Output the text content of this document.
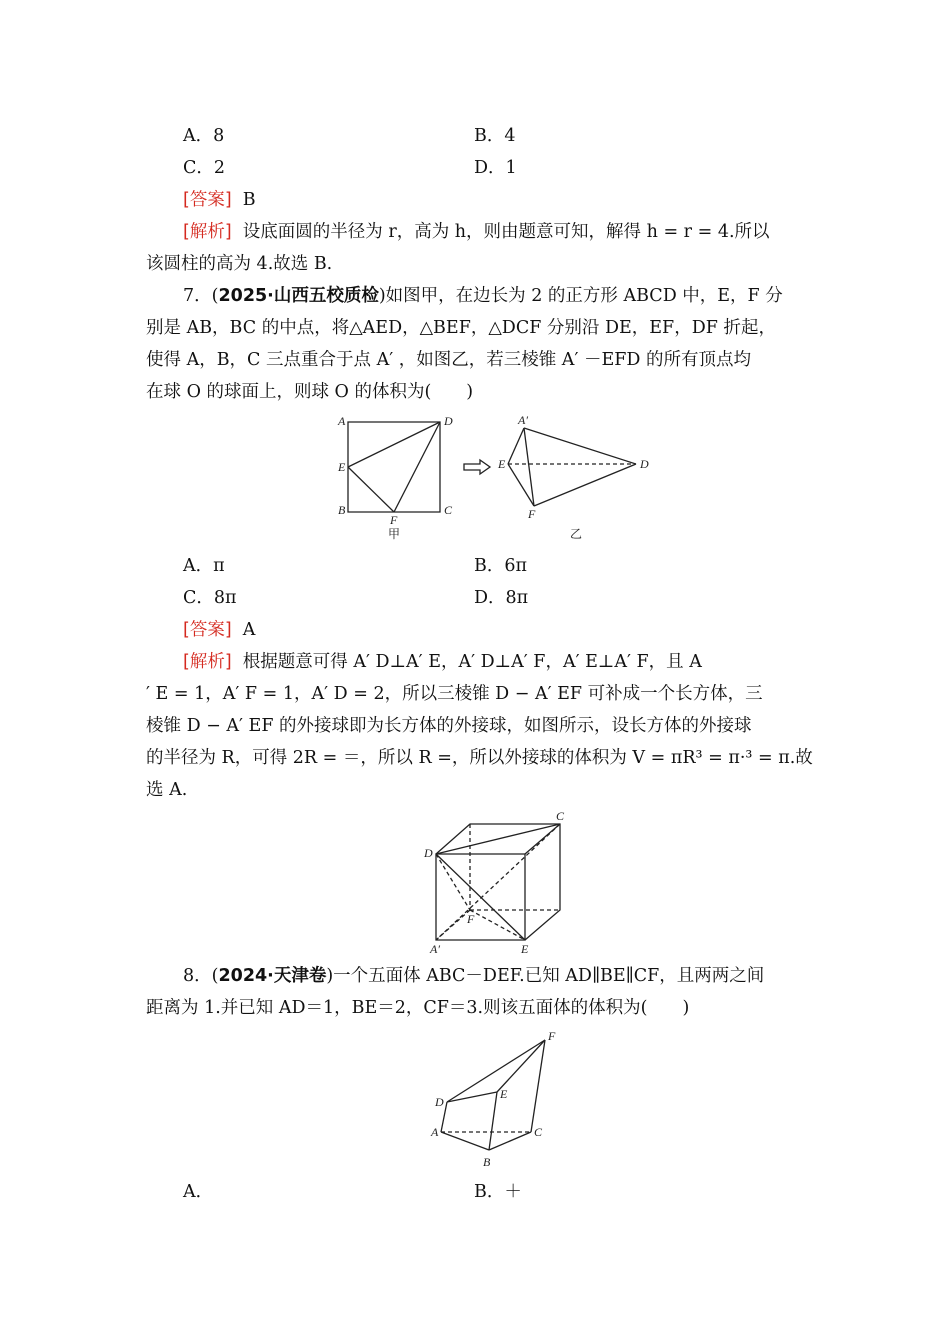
A．8	B．4
C．2	D．1
[答案] B
[解析] 设底面圆的半径为 r，高为 h，则由题意可知，解得 h = r = 4.所以
该圆柱的高为 4.故选 B.
7．(2025·山西五校质检)如图甲，在边长为 2 的正方形 ABCD 中，E，F 分
别是 AB，BC 的中点，将△AED，△BEF，△DCF 分别沿 DE，EF，DF 折起，
使得 A，B，C 三点重合于点 A′ ，如图乙，若三棱锥 A′ －EFD 的所有顶点均
在球 O 的球面上，则球 O 的体积为(　　)
A	D
E
B
F
C
甲
A′
E	D
F
乙
A．π	B．6π
C．8π	D．8π
[答案] A
[解析] 根据题意可得 A′ D⊥A′ E，A′ D⊥A′ F，A′ E⊥A′ F，且 A
′ E = 1，A′ F = 1，A′ D = 2，所以三棱锥 D − A′ EF 可补成一个长方体，三
棱锥 D − A′ EF 的外接球即为长方体的外接球，如图所示，设长方体的外接球
的半径为 R，可得 2R = ＝，所以 R =，所以外接球的体积为 V = πR³ = π·³ = π.故
选 A.
C
D
F
A′	E
8．(2024·天津卷)一个五面体 ABC－DEF.已知 AD∥BE∥CF，且两两之间
距离为 1.并已知 AD＝1，BE＝2，CF＝3.则该五面体的体积为(　　)
F
E
D
A	C
B
A．	B．＋
